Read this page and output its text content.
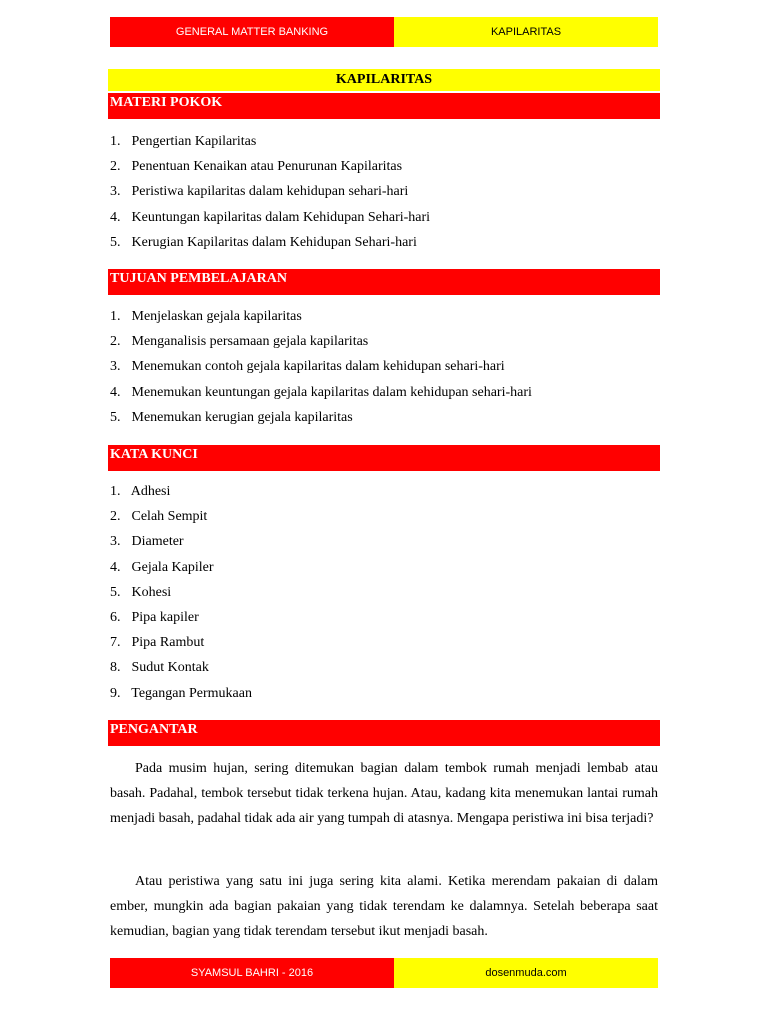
GENERAL MATTER BANKING	KAPILARITAS
KAPILARITAS
MATERI POKOK
1. Pengertian Kapilaritas
2. Penentuan Kenaikan atau Penurunan Kapilaritas
3. Peristiwa kapilaritas dalam kehidupan sehari-hari
4. Keuntungan kapilaritas dalam Kehidupan Sehari-hari
5. Kerugian Kapilaritas dalam Kehidupan Sehari-hari
TUJUAN PEMBELAJARAN
1. Menjelaskan gejala kapilaritas
2. Menganalisis persamaan gejala kapilaritas
3. Menemukan contoh gejala kapilaritas dalam kehidupan sehari-hari
4. Menemukan keuntungan gejala kapilaritas dalam kehidupan sehari-hari
5. Menemukan kerugian gejala kapilaritas
KATA KUNCI
1. Adhesi
2. Celah Sempit
3. Diameter
4. Gejala Kapiler
5. Kohesi
6. Pipa kapiler
7. Pipa Rambut
8. Sudut Kontak
9. Tegangan Permukaan
PENGANTAR

Pada musim hujan, sering ditemukan bagian dalam tembok rumah menjadi lembab atau basah. Padahal, tembok tersebut tidak terkena hujan. Atau, kadang kita menemukan lantai rumah menjadi basah, padahal tidak ada air yang tumpah di atasnya. Mengapa peristiwa ini bisa terjadi?

Atau peristiwa yang satu ini juga sering kita alami. Ketika merendam pakaian di dalam ember, mungkin ada bagian pakaian yang tidak terendam ke dalamnya. Setelah beberapa saat kemudian, bagian yang tidak terendam tersebut ikut menjadi basah.

SYAMSUL BAHRI - 2016	dosenmuda.com
